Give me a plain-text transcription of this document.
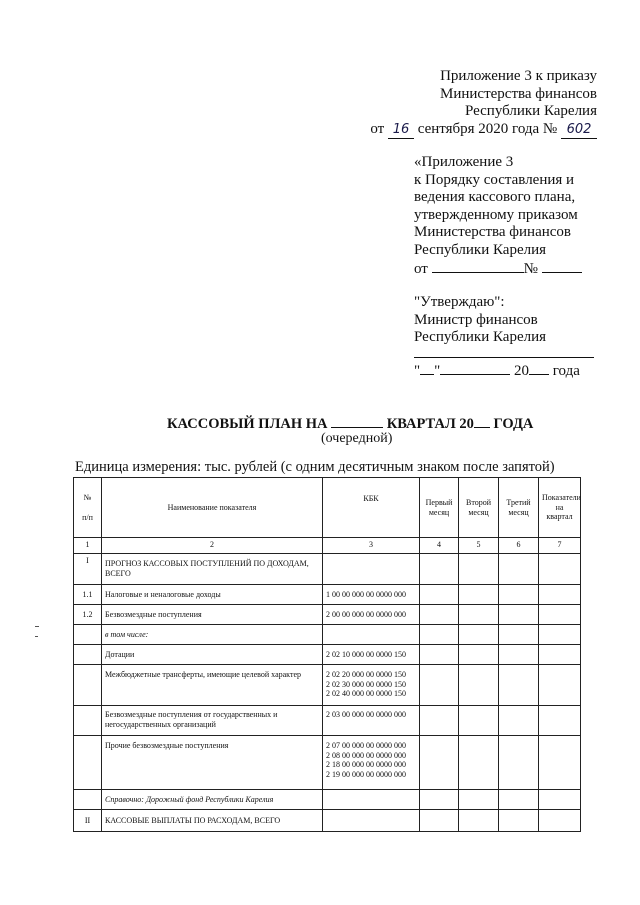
Приложение 3 к приказу
Министерства финансов
Республики Карелия
от 16 сентября 2020 года № 602
«Приложение 3
к Порядку составления и
ведения кассового плана,
утвержденному приказом
Министерства финансов
Республики Карелия
от	№
"Утверждаю":
Министр финансов
Республики Карелия
" "	20 года
КАССОВЫЙ ПЛАН НА	КВАРТАЛ 20 ГОДА
(очередной)
Единица измерения: тыс. рублей (с одним десятичным знаком после запятой)
№
п/п	Наименование показателя	КБК	Первый месяц	Второй месяц	Третий месяц	Показатели на квартал
1	2	3	4	5	6	7
I	ПРОГНОЗ КАССОВЫХ ПОСТУПЛЕНИЙ ПО ДОХОДАМ, ВСЕГО					
1.1	Налоговые и неналоговые доходы	1 00 00 000 00 0000 000				
1.2	Безвозмездные поступления	2 00 00 000 00 0000 000				
	в том числе:					
	Дотации	2 02 10 000 00 0000 150				
	Межбюджетные трансферты, имеющие целевой характер	2 02 20 000 00 0000 150
2 02 30 000 00 0000 150
2 02 40 000 00 0000 150				

	Безвозмездные поступления от государственных и негосударственных организаций	2 03 00 000 00 0000 000				
	Прочие безвозмездные поступления	2 07 00 000 00 0000 000
2 08 00 000 00 0000 000
2 18 00 000 00 0000 000
2 19 00 000 00 0000 000				

	Справочно: Дорожный фонд Республики Карелия					
II	КАССОВЫЕ ВЫПЛАТЫ ПО РАСХОДАМ, ВСЕГО					
